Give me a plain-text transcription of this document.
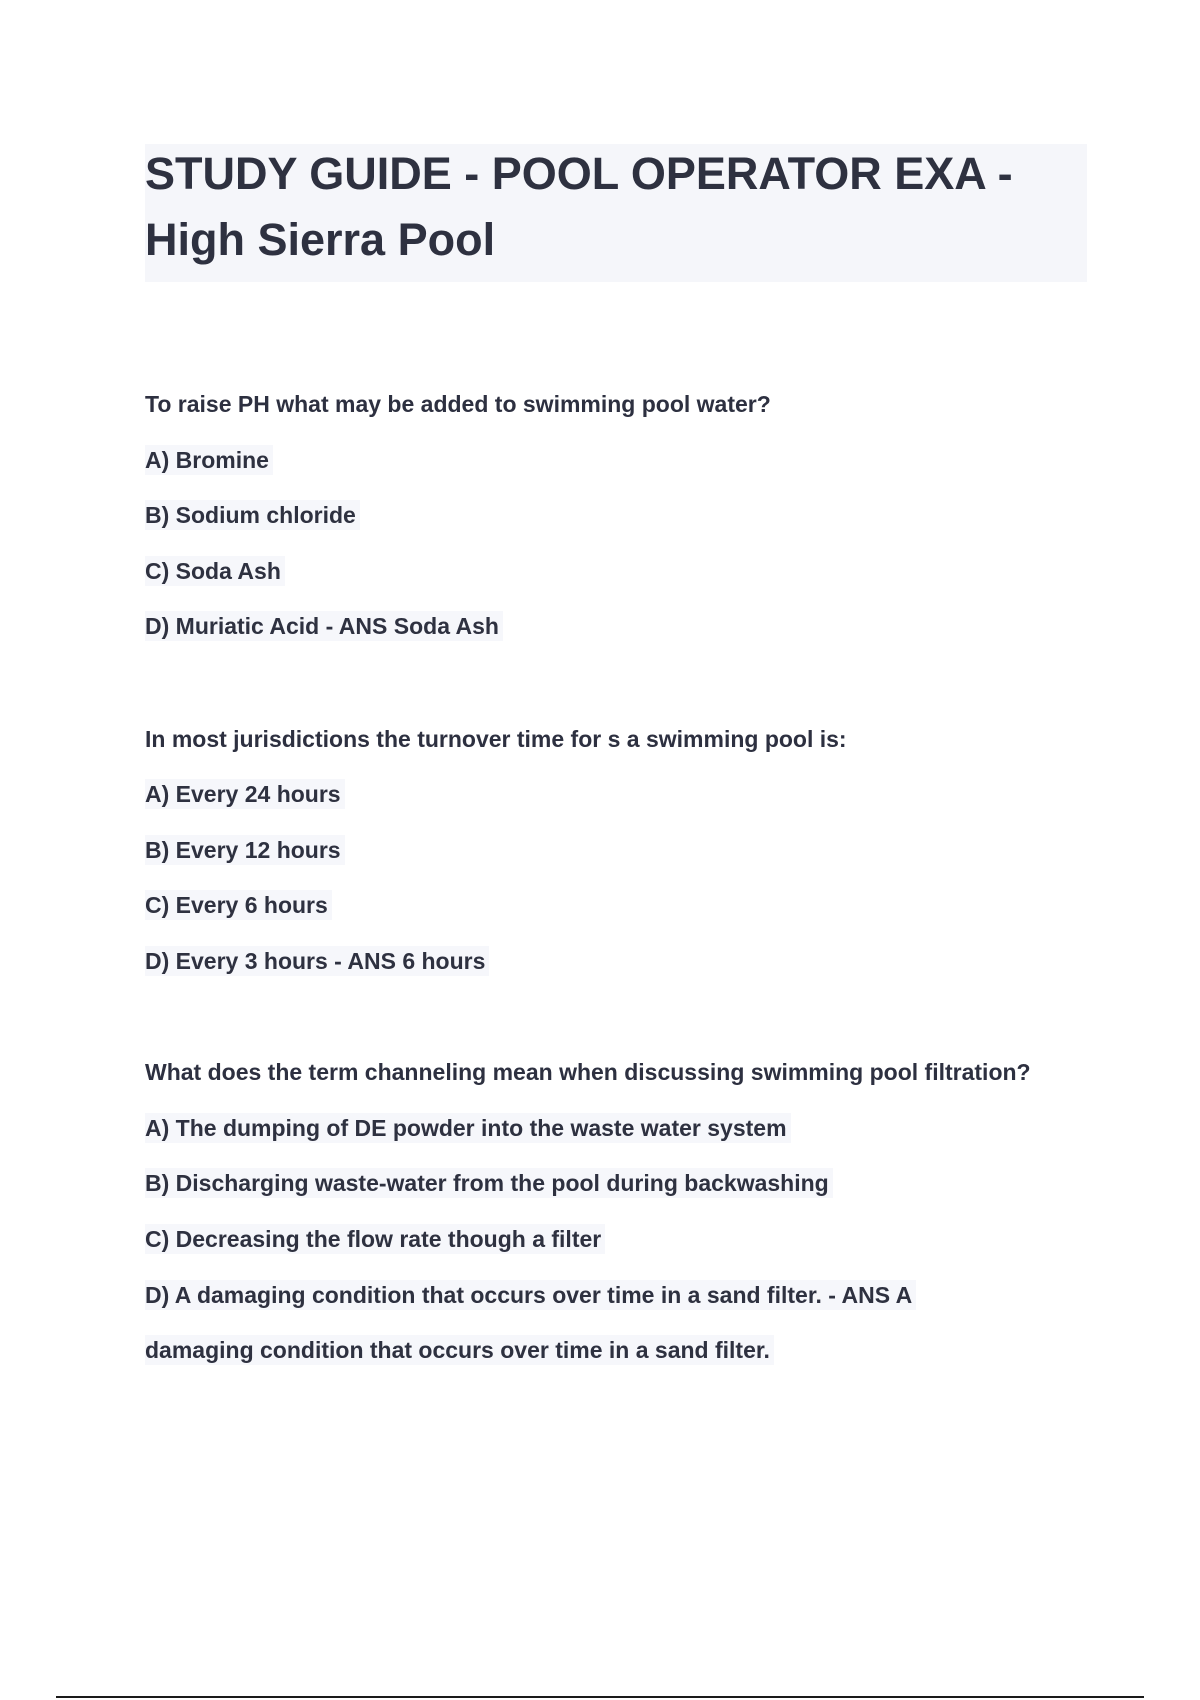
STUDY GUIDE - POOL OPERATOR EXA -
High Sierra Pool
To raise PH what may be added to swimming pool water?
A) Bromine
B) Sodium chloride
C) Soda Ash
D) Muriatic Acid - ANS Soda Ash
In most jurisdictions the turnover time for s a swimming pool is:
A) Every 24 hours
B) Every 12 hours
C) Every 6 hours
D) Every 3 hours - ANS 6 hours
What does the term channeling mean when discussing swimming pool filtration?
A) The dumping of DE powder into the waste water system
B) Discharging waste-water from the pool during backwashing
C) Decreasing the flow rate though a filter
D) A damaging condition that occurs over time in a sand filter. - ANS A
damaging condition that occurs over time in a sand filter.
